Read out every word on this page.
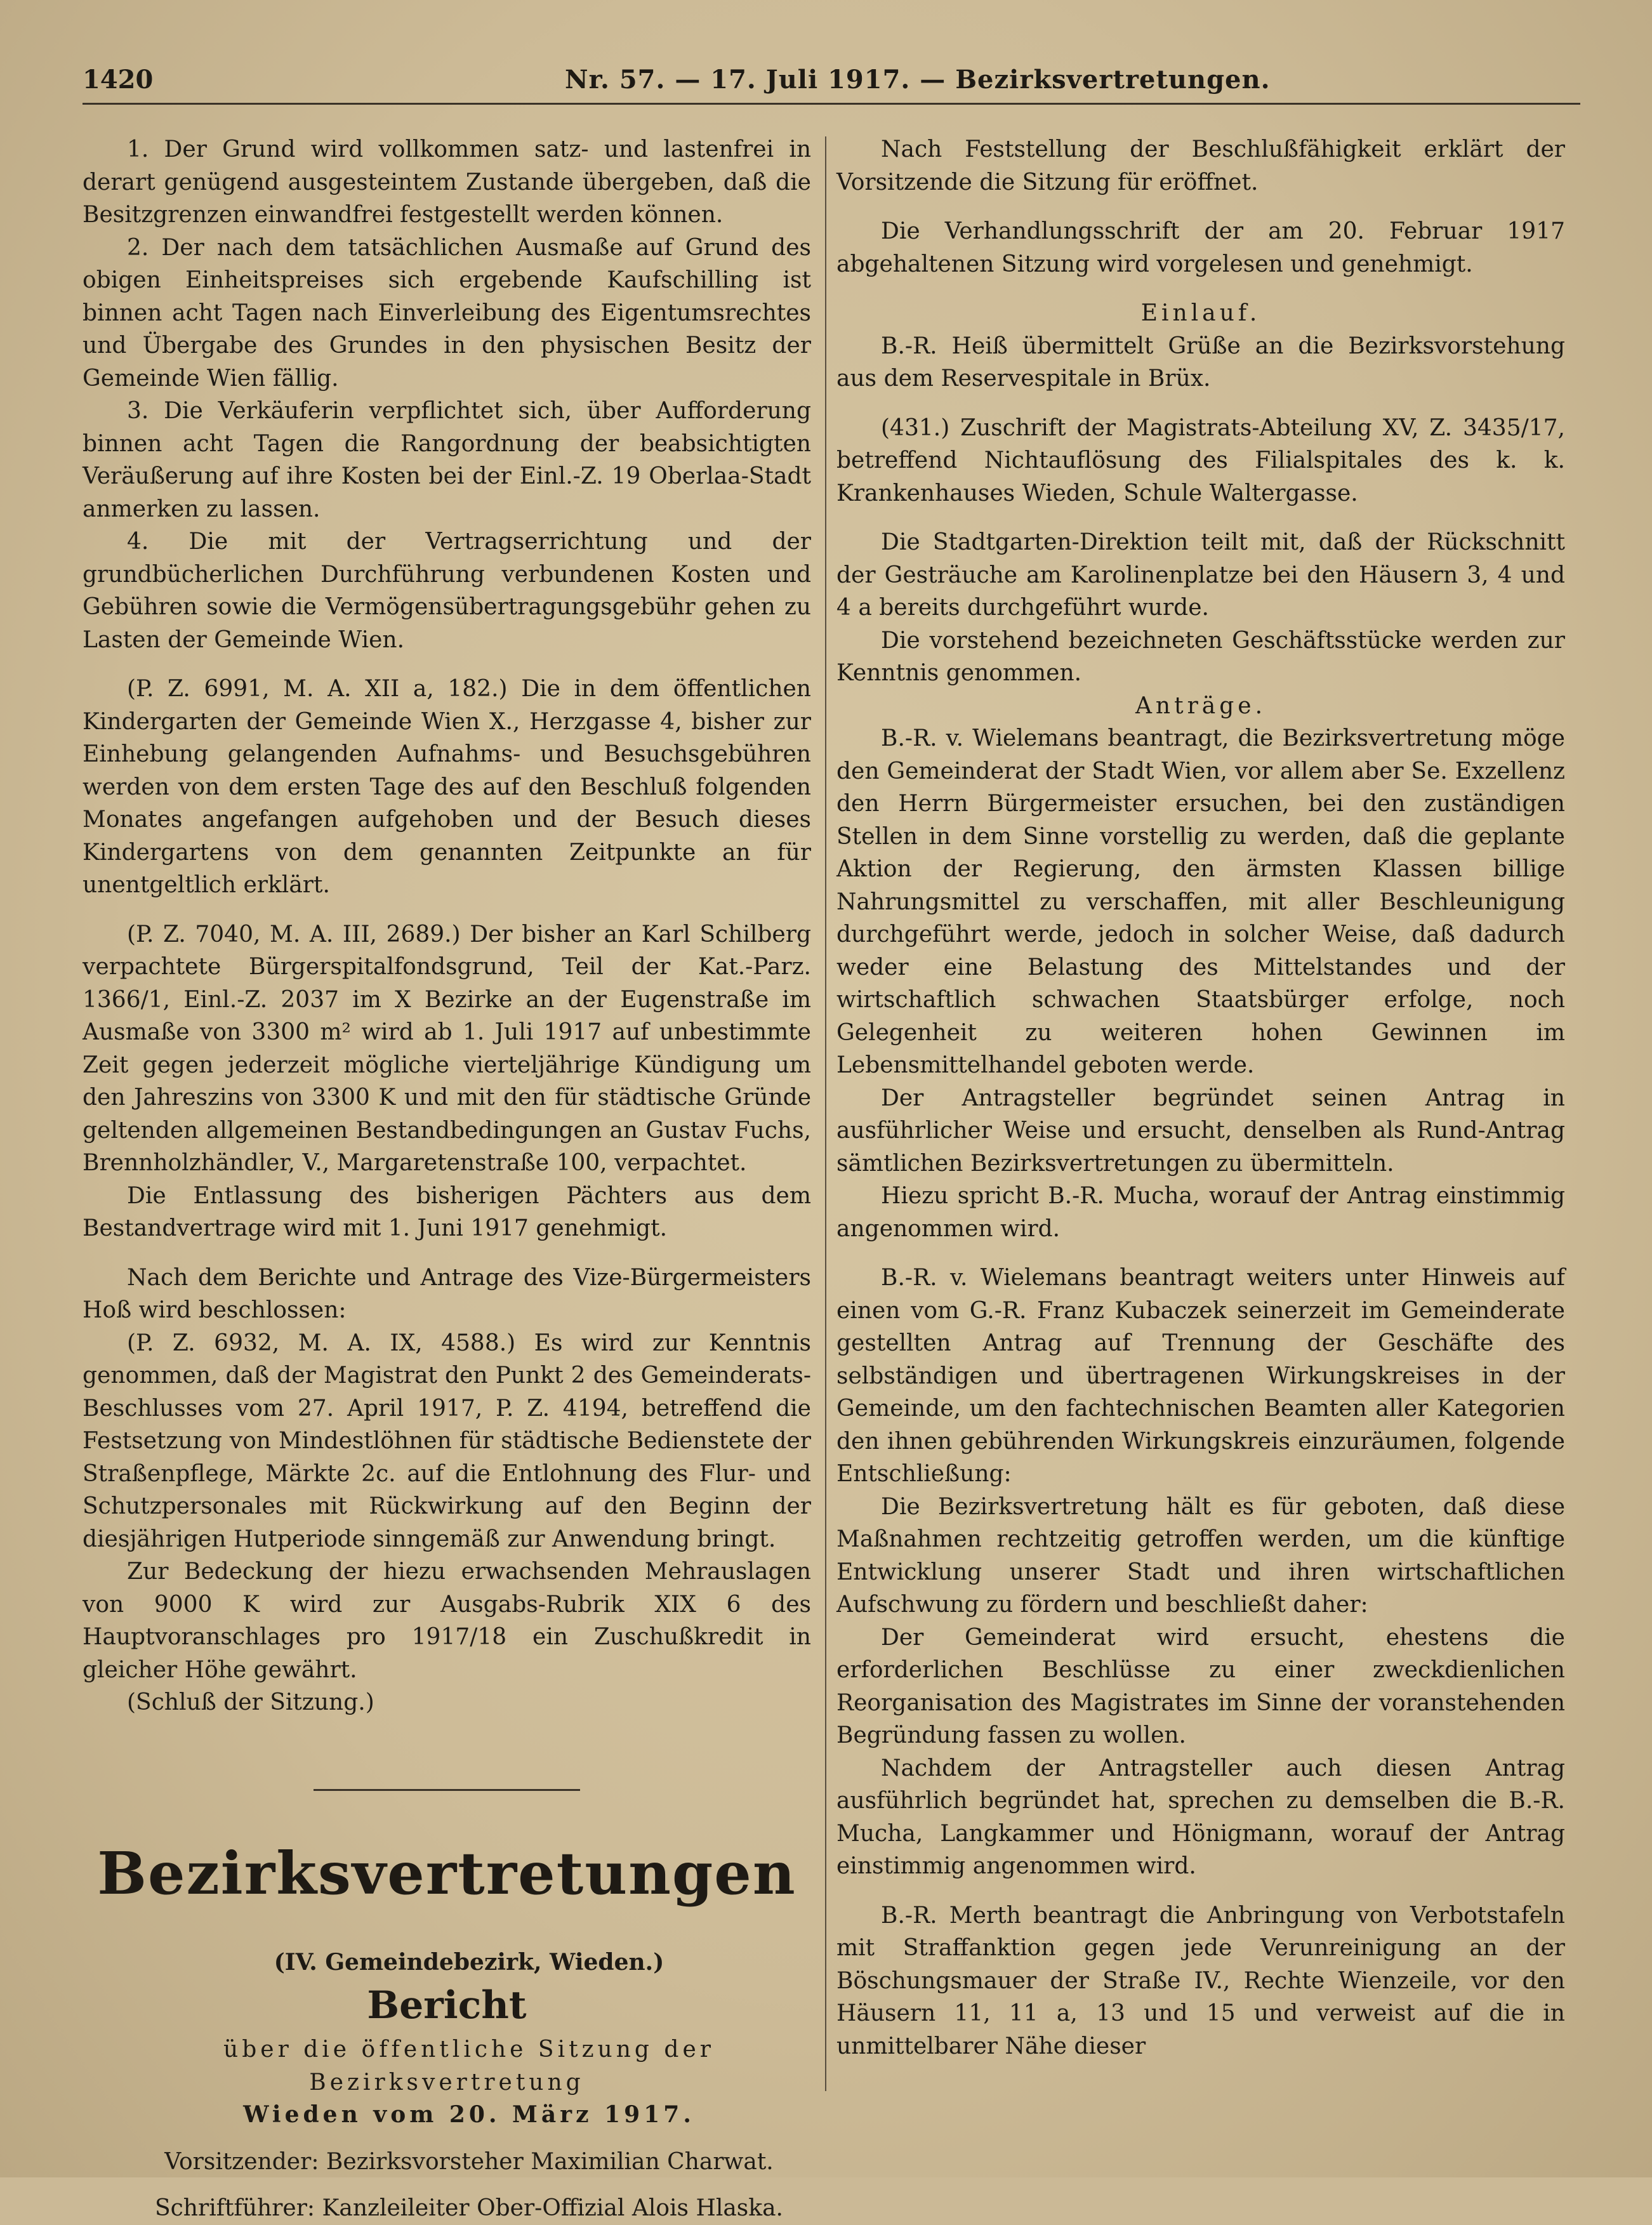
1420	Nr. 57. — 17. Juli 1917. — Bezirksvertretungen.

1. Der Grund wird vollkommen satz- und lastenfrei in derart genügend ausgesteintem Zustande übergeben, daß die Besitzgrenzen einwandfrei festgestellt werden können.

2. Der nach dem tatsächlichen Ausmaße auf Grund des obigen Einheitspreises sich ergebende Kaufschilling ist binnen acht Tagen nach Einverleibung des Eigentumsrechtes und Übergabe des Grundes in den physischen Besitz der Gemeinde Wien fällig.

3. Die Verkäuferin verpflichtet sich, über Aufforderung binnen acht Tagen die Rangordnung der beabsichtigten Veräußerung auf ihre Kosten bei der Einl.-Z. 19 Oberlaa-Stadt anmerken zu lassen.

4. Die mit der Vertragserrichtung und der grundbücherlichen Durchführung verbundenen Kosten und Gebühren sowie die Vermögensübertragungsgebühr gehen zu Lasten der Gemeinde Wien.

(P. Z. 6991, M. A. XII a, 182.) Die in dem öffentlichen Kindergarten der Gemeinde Wien X., Herzgasse 4, bisher zur Einhebung gelangenden Aufnahms- und Besuchsgebühren werden von dem ersten Tage des auf den Beschluß folgenden Monates angefangen aufgehoben und der Besuch dieses Kindergartens von dem genannten Zeitpunkte an für unentgeltlich erklärt.

(P. Z. 7040, M. A. III, 2689.) Der bisher an Karl Schilberg verpachtete Bürgerspitalfondsgrund, Teil der Kat.-Parz. 1366/1, Einl.-Z. 2037 im X Bezirke an der Eugenstraße im Ausmaße von 3300 m² wird ab 1. Juli 1917 auf unbestimmte Zeit gegen jederzeit mögliche vierteljährige Kündigung um den Jahreszins von 3300 K und mit den für städtische Gründe geltenden allgemeinen Bestandbedingungen an Gustav Fuchs, Brennholzhändler, V., Margaretenstraße 100, verpachtet.

Die Entlassung des bisherigen Pächters aus dem Bestandvertrage wird mit 1. Juni 1917 genehmigt.

Nach dem Berichte und Antrage des Vize-Bürgermeisters Hoß wird beschlossen:

(P. Z. 6932, M. A. IX, 4588.) Es wird zur Kenntnis genommen, daß der Magistrat den Punkt 2 des Gemeinderats-Beschlusses vom 27. April 1917, P. Z. 4194, betreffend die Festsetzung von Mindestlöhnen für städtische Bedienstete der Straßenpflege, Märkte 2c. auf die Entlohnung des Flur- und Schutzpersonales mit Rückwirkung auf den Beginn der diesjährigen Hutperiode sinngemäß zur Anwendung bringt.

Zur Bedeckung der hiezu erwachsenden Mehrauslagen von 9000 K wird zur Ausgabs-Rubrik XIX 6 des Hauptvoranschlages pro 1917/18 ein Zuschußkredit in gleicher Höhe gewährt.

(Schluß der Sitzung.)

Bezirksvertretungen

(IV. Gemeindebezirk, Wieden.)

Bericht

über die öffentliche Sitzung der Bezirksvertretung

Wieden vom 20. März 1917.

Vorsitzender: Bezirksvorsteher Maximilian Charwat.

Schriftführer: Kanzleileiter Ober-Offizial Alois Hlaska.

Nach Feststellung der Beschlußfähigkeit erklärt der Vorsitzende die Sitzung für eröffnet.

Die Verhandlungsschrift der am 20. Februar 1917 abgehaltenen Sitzung wird vorgelesen und genehmigt.

Einlauf.

B.-R. Heiß übermittelt Grüße an die Bezirksvorstehung aus dem Reservespitale in Brüx.

(431.) Zuschrift der Magistrats-Abteilung XV, Z. 3435/17, betreffend Nichtauflösung des Filialspitales des k. k. Krankenhauses Wieden, Schule Waltergasse.

Die Stadtgarten-Direktion teilt mit, daß der Rückschnitt der Gesträuche am Karolinenplatze bei den Häusern 3, 4 und 4 a bereits durchgeführt wurde.

Die vorstehend bezeichneten Geschäftsstücke werden zur Kenntnis genommen.

Anträge.

B.-R. v. Wielemans beantragt, die Bezirksvertretung möge den Gemeinderat der Stadt Wien, vor allem aber Se. Exzellenz den Herrn Bürgermeister ersuchen, bei den zuständigen Stellen in dem Sinne vorstellig zu werden, daß die geplante Aktion der Regierung, den ärmsten Klassen billige Nahrungsmittel zu verschaffen, mit aller Beschleunigung durchgeführt werde, jedoch in solcher Weise, daß dadurch weder eine Belastung des Mittelstandes und der wirtschaftlich schwachen Staatsbürger erfolge, noch Gelegenheit zu weiteren hohen Gewinnen im Lebensmittelhandel geboten werde.

Der Antragsteller begründet seinen Antrag in ausführlicher Weise und ersucht, denselben als Rund-Antrag sämtlichen Bezirksvertretungen zu übermitteln.

Hiezu spricht B.-R. Mucha, worauf der Antrag einstimmig angenommen wird.

B.-R. v. Wielemans beantragt weiters unter Hinweis auf einen vom G.-R. Franz Kubaczek seinerzeit im Gemeinderate gestellten Antrag auf Trennung der Geschäfte des selbständigen und übertragenen Wirkungskreises in der Gemeinde, um den fachtechnischen Beamten aller Kategorien den ihnen gebührenden Wirkungskreis einzuräumen, folgende Entschließung:

Die Bezirksvertretung hält es für geboten, daß diese Maßnahmen rechtzeitig getroffen werden, um die künftige Entwicklung unserer Stadt und ihren wirtschaftlichen Aufschwung zu fördern und beschließt daher:

Der Gemeinderat wird ersucht, ehestens die erforderlichen Beschlüsse zu einer zweckdienlichen Reorganisation des Magistrates im Sinne der voranstehenden Begründung fassen zu wollen.

Nachdem der Antragsteller auch diesen Antrag ausführlich begründet hat, sprechen zu demselben die B.-R. Mucha, Langkammer und Hönigmann, worauf der Antrag einstimmig angenommen wird.

B.-R. Merth beantragt die Anbringung von Verbotstafeln mit Straffanktion gegen jede Verunreinigung an der Böschungsmauer der Straße IV., Rechte Wienzeile, vor den Häusern 11, 11 a, 13 und 15 und verweist auf die in unmittelbarer Nähe dieser
